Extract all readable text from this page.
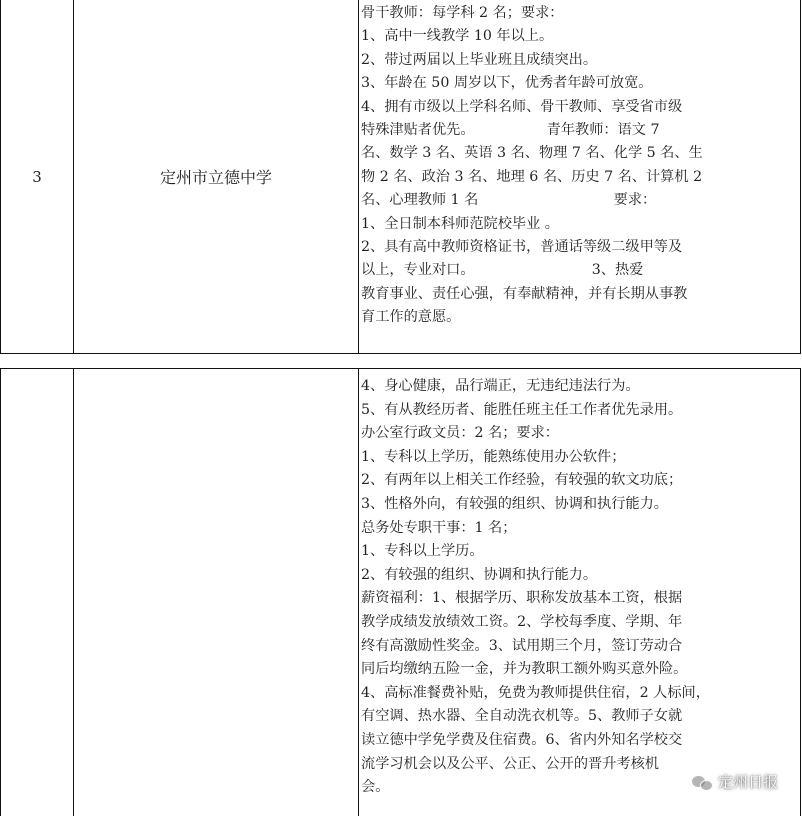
3	定州市立德中学
骨干教师：每学科 2 名；要求：
1、高中一线教学 10 年以上。
2、带过两届以上毕业班且成绩突出。
3、年龄在 50 周岁以下，优秀者年龄可放宽。
4、拥有市级以上学科名师、骨干教师、享受省市级
特殊津贴者优先。                青年教师：语文 7
名、数学 3 名、英语 3 名、物理 7 名、化学 5 名、生
物 2 名、政治 3 名、地理 6 名、历史 7 名、计算机 2
名、心理教师 1 名                              要求：
1、全日制本科师范院校毕业 。
2、具有高中教师资格证书，普通话等级二级甲等及
以上，专业对口。                          3、热爱
教育事业、责任心强，有奉献精神，并有长期从事教
育工作的意愿。
4、身心健康，品行端正，无违纪违法行为。
5、有从教经历者、能胜任班主任工作者优先录用。
办公室行政文员：2 名；要求：
1、专科以上学历，能熟练使用办公软件；
2、有两年以上相关工作经验，有较强的软文功底；
3、性格外向，有较强的组织、协调和执行能力。
总务处专职干事：1 名；
1、专科以上学历。
2、有较强的组织、协调和执行能力。
薪资福利：1、根据学历、职称发放基本工资，根据
教学成绩发放绩效工资。2、学校每季度、学期、年
终有高激励性奖金。3、试用期三个月，签订劳动合
同后均缴纳五险一金，并为教职工额外购买意外险。
4、高标准餐费补贴，免费为教师提供住宿，2 人标间，
有空调、热水器、全自动洗衣机等。5、教师子女就
读立德中学免学费及住宿费。6、省内外知名学校交
流学习机会以及公平、公正、公开的晋升考核机
会。	定州日报
